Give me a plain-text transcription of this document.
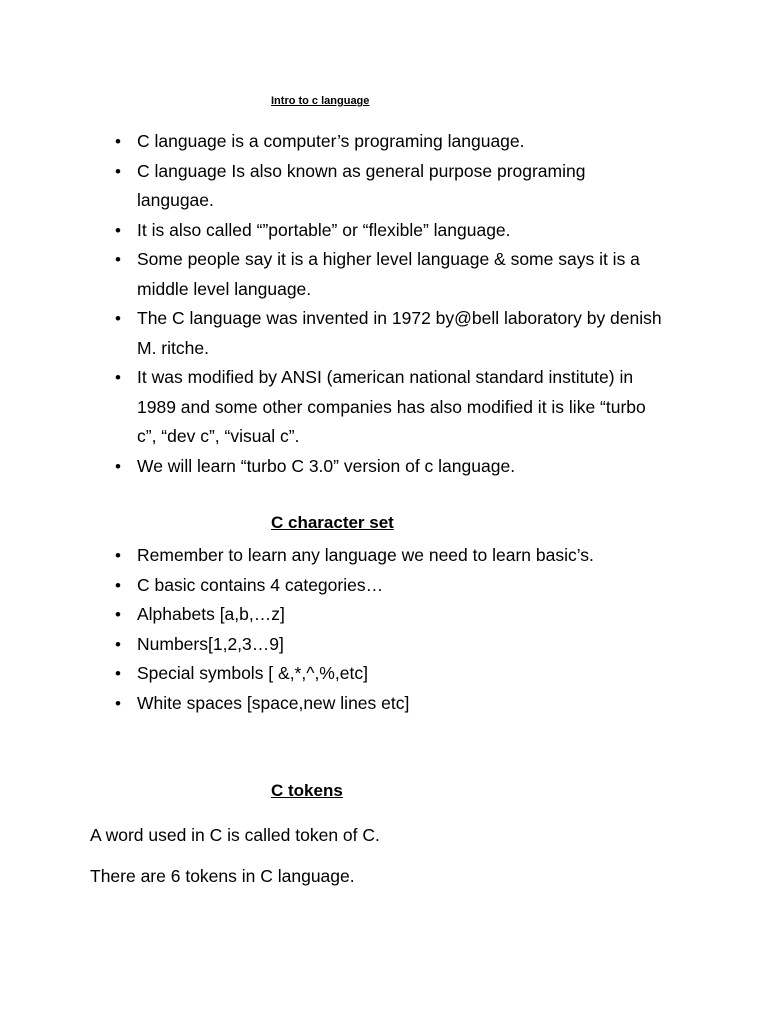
Intro to c language
• C language is a computer’s programing language.
• C language Is also known as general purpose programing langugae.
• It is also called “”portable” or “flexible” language.
• Some people say it is a higher level language & some says it is a middle level language.
• The C language was invented in 1972 by@bell laboratory by denish M. ritche.
• It was modified by ANSI (american national standard institute) in 1989 and some other companies has also modified it is like “turbo c”, “dev c”, “visual c”.
• We will learn “turbo C 3.0” version of c language.
C character set
• Remember to learn any language we need to learn basic’s.
• C basic contains 4 categories…
• Alphabets [a,b,…z]
• Numbers[1,2,3…9]
• Special symbols [ &,*,^,%,etc]
• White spaces [space,new lines etc]
C tokens
A word used in C is called token of C.
There are 6 tokens in C language.
